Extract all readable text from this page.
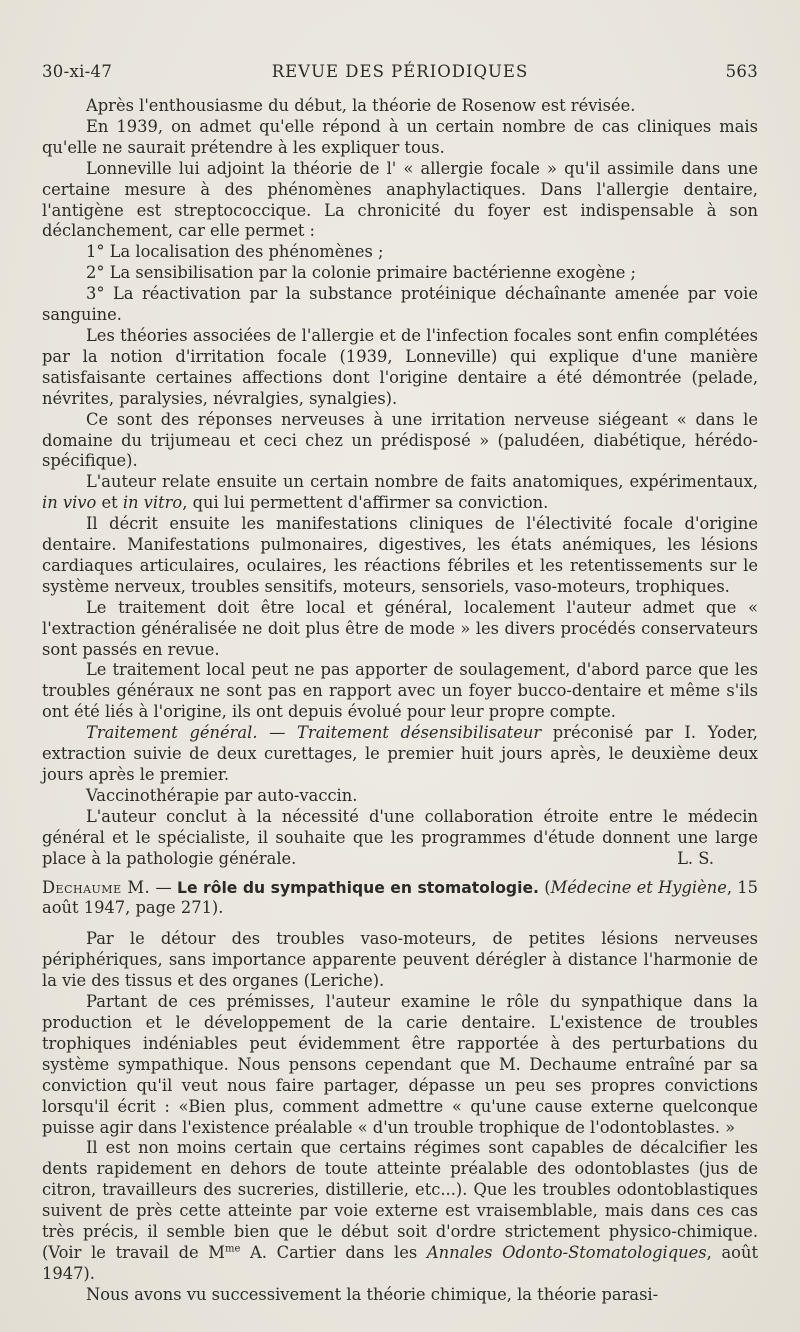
30-xi-47	REVUE DES PÉRIODIQUES	563

Après l'enthousiasme du début, la théorie de Rosenow est révisée.

En 1939, on admet qu'elle répond à un certain nombre de cas cliniques mais qu'elle ne saurait prétendre à les expliquer tous.

Lonneville lui adjoint la théorie de l' « allergie focale » qu'il assimile dans une certaine mesure à des phénomènes anaphylactiques. Dans l'allergie dentaire, l'antigène est streptococcique. La chronicité du foyer est indispensable à son déclanchement, car elle permet :

1° La localisation des phénomènes ;

2° La sensibilisation par la colonie primaire bactérienne exogène ;

3° La réactivation par la substance protéinique déchaînante amenée par voie sanguine.

Les théories associées de l'allergie et de l'infection focales sont enfin complétées par la notion d'irritation focale (1939, Lonneville) qui explique d'une manière satisfaisante certaines affections dont l'origine dentaire a été démontrée (pelade, névrites, paralysies, névralgies, synalgies).

Ce sont des réponses nerveuses à une irritation nerveuse siégeant « dans le domaine du trijumeau et ceci chez un prédisposé » (paludéen, diabétique, hérédo-spécifique).

L'auteur relate ensuite un certain nombre de faits anatomiques, expérimentaux, in vivo et in vitro, qui lui permettent d'affirmer sa conviction.

Il décrit ensuite les manifestations cliniques de l'électivité focale d'origine dentaire. Manifestations pulmonaires, digestives, les états anémiques, les lésions cardiaques articulaires, oculaires, les réactions fébriles et les retentissements sur le système nerveux, troubles sensitifs, moteurs, sensoriels, vaso-moteurs, trophiques.

Le traitement doit être local et général, localement l'auteur admet que « l'extraction généralisée ne doit plus être de mode » les divers procédés conservateurs sont passés en revue.

Le traitement local peut ne pas apporter de soulagement, d'abord parce que les troubles généraux ne sont pas en rapport avec un foyer bucco-dentaire et même s'ils ont été liés à l'origine, ils ont depuis évolué pour leur propre compte.

Traitement général. — Traitement désensibilisateur préconisé par I. Yoder, extraction suivie de deux curettages, le premier huit jours après, le deuxième deux jours après le premier.

Vaccinothérapie par auto-vaccin.

L'auteur conclut à la nécessité d'une collaboration étroite entre le médecin général et le spécialiste, il souhaite que les programmes d'étude donnent une large place à la pathologie générale.	L. S.

Dechaume M. — Le rôle du sympathique en stomatologie. (Médecine et Hygiène, 15 août 1947, page 271).

Par le détour des troubles vaso-moteurs, de petites lésions nerveuses périphériques, sans importance apparente peuvent dérégler à distance l'harmonie de la vie des tissus et des organes (Leriche).

Partant de ces prémisses, l'auteur examine le rôle du synpathique dans la production et le développement de la carie dentaire. L'existence de troubles trophiques indéniables peut évidemment être rapportée à des perturbations du système sympathique. Nous pensons cependant que M. Dechaume entraîné par sa conviction qu'il veut nous faire partager, dépasse un peu ses propres convictions lorsqu'il écrit : «Bien plus, comment admettre « qu'une cause externe quelconque puisse agir dans l'existence préalable « d'un trouble trophique de l'odontoblastes. »

Il est non moins certain que certains régimes sont capables de décalcifier les dents rapidement en dehors de toute atteinte préalable des odontoblastes (jus de citron, travailleurs des sucreries, distillerie, etc...). Que les troubles odontoblastiques suivent de près cette atteinte par voie externe est vraisemblable, mais dans ces cas très précis, il semble bien que le début soit d'ordre strictement physico-chimique. (Voir le travail de $M^{me}$ A. Cartier dans les Annales Odonto-Stomatologiques, août 1947).

Nous avons vu successivement la théorie chimique, la théorie parasi-
